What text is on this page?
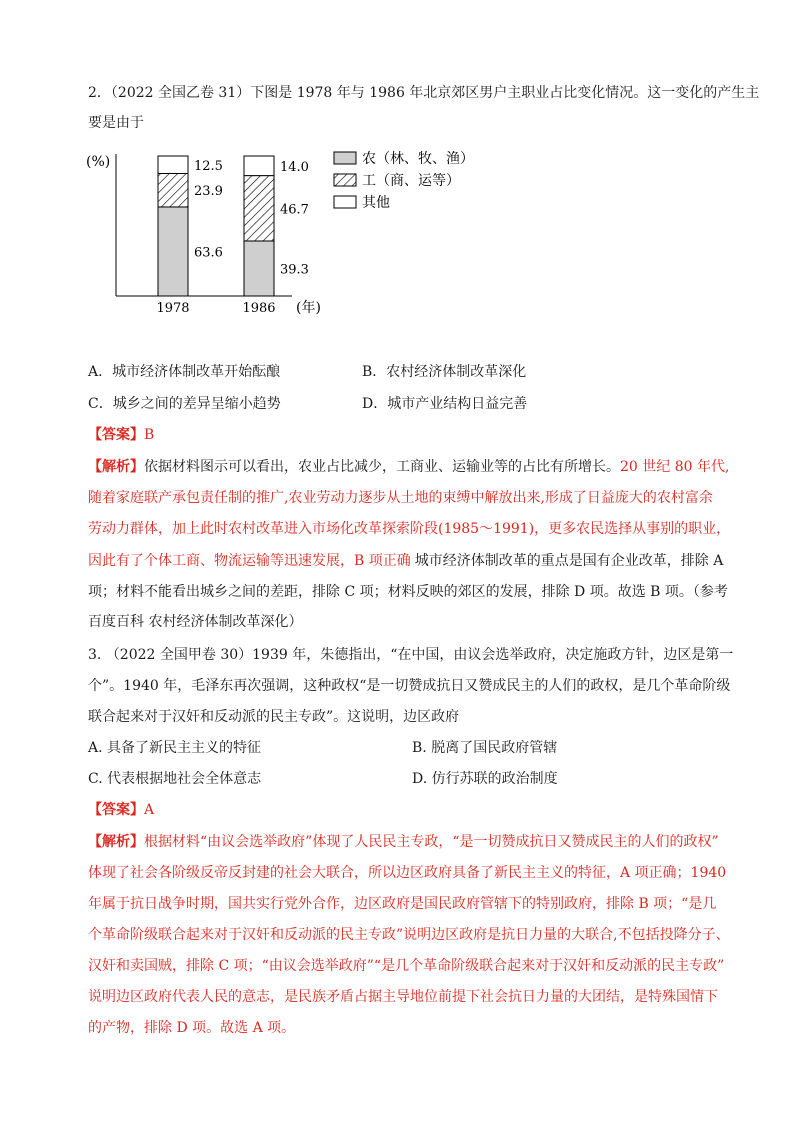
2．（2022 全国乙卷 31）下图是 1978 年与 1986 年北京郊区男户主职业占比变化情况。这一变化的产生主
要是由于
(%)
(年)
63.6
23.9
12.5
1978
39.3
46.7
14.0
1986
农（林、牧、渔）
工（商、运等）
其他
A．城市经济体制改革开始酝酿	B．农村经济体制改革深化
C．城乡之间的差异呈缩小趋势	D．城市产业结构日益完善
【答案】B
【解析】依据材料图示可以看出，农业占比减少，工商业、运输业等的占比有所增长。20 世纪 80 年代,
随着家庭联产承包责任制的推广,农业劳动力逐步从土地的束缚中解放出来,形成了日益庞大的农村富余
劳动力群体，加上此时农村改革进入市场化改革探索阶段(1985～1991)，更多农民选择从事别的职业，
因此有了个体工商、物流运输等迅速发展，B 项正确 城市经济体制改革的重点是国有企业改革，排除 A
项；材料不能看出城乡之间的差距，排除 C 项；材料反映的郊区的发展，排除 D 项。故选 B 项。（参考
百度百科 农村经济体制改革深化）
3. （2022 全国甲卷 30）1939 年，朱德指出，“在中国，由议会选举政府，决定施政方针，边区是第一
个”。1940 年，毛泽东再次强调，这种政权“是一切赞成抗日又赞成民主的人们的政权，是几个革命阶级
联合起来对于汉奸和反动派的民主专政”。这说明，边区政府
A. 具备了新民主主义的特征	B. 脱离了国民政府管辖
C. 代表根据地社会全体意志	D. 仿行苏联的政治制度
【答案】A
【解析】根据材料“由议会选举政府”体现了人民民主专政，“是一切赞成抗日又赞成民主的人们的政权”
体现了社会各阶级反帝反封建的社会大联合，所以边区政府具备了新民主主义的特征，A 项正确；1940
年属于抗日战争时期，国共实行党外合作，边区政府是国民政府管辖下的特别政府，排除 B 项；“是几
个革命阶级联合起来对于汉奸和反动派的民主专政”说明边区政府是抗日力量的大联合,不包括投降分子、
汉奸和卖国贼，排除 C 项；“由议会选举政府”“是几个革命阶级联合起来对于汉奸和反动派的民主专政”
说明边区政府代表人民的意志，是民族矛盾占据主导地位前提下社会抗日力量的大团结，是特殊国情下
的产物，排除 D 项。故选 A 项。
